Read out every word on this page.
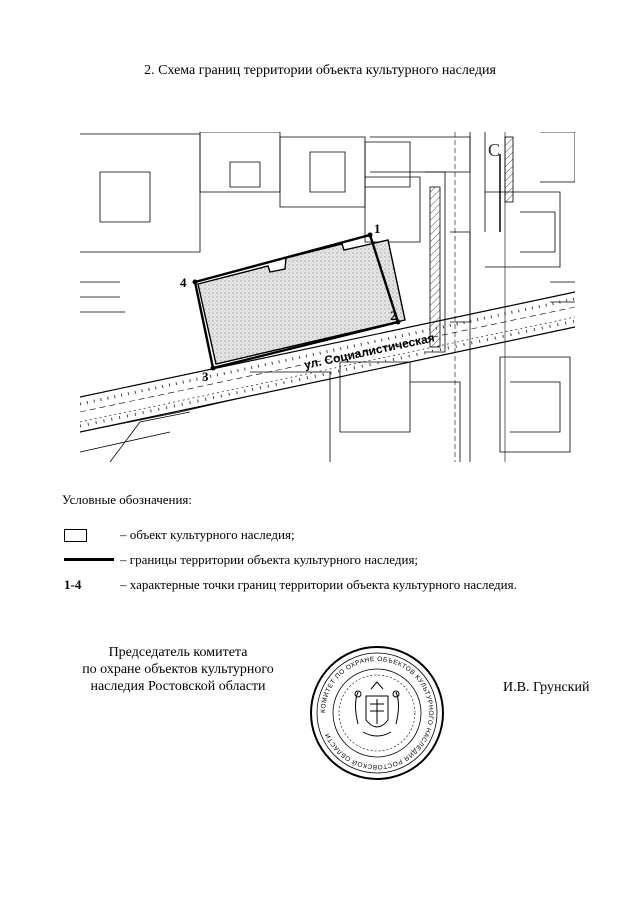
2. Схема границ территории объекта культурного наследия
С
1
2
3
4
ул. Социалистическая
Условные обозначения:
– объект культурного наследия;
– границы территории объекта культурного наследия;
1-4	– характерные точки границ территории объекта культурного наследия.
Председатель комитета
по охране объектов культурного
наследия Ростовской области
КОМИТЕТ ПО ОХРАНЕ ОБЪЕКТОВ КУЛЬТУРНОГО НАСЛЕДИЯ РОСТОВСКОЙ ОБЛАСТИ
И.В. Грунский
